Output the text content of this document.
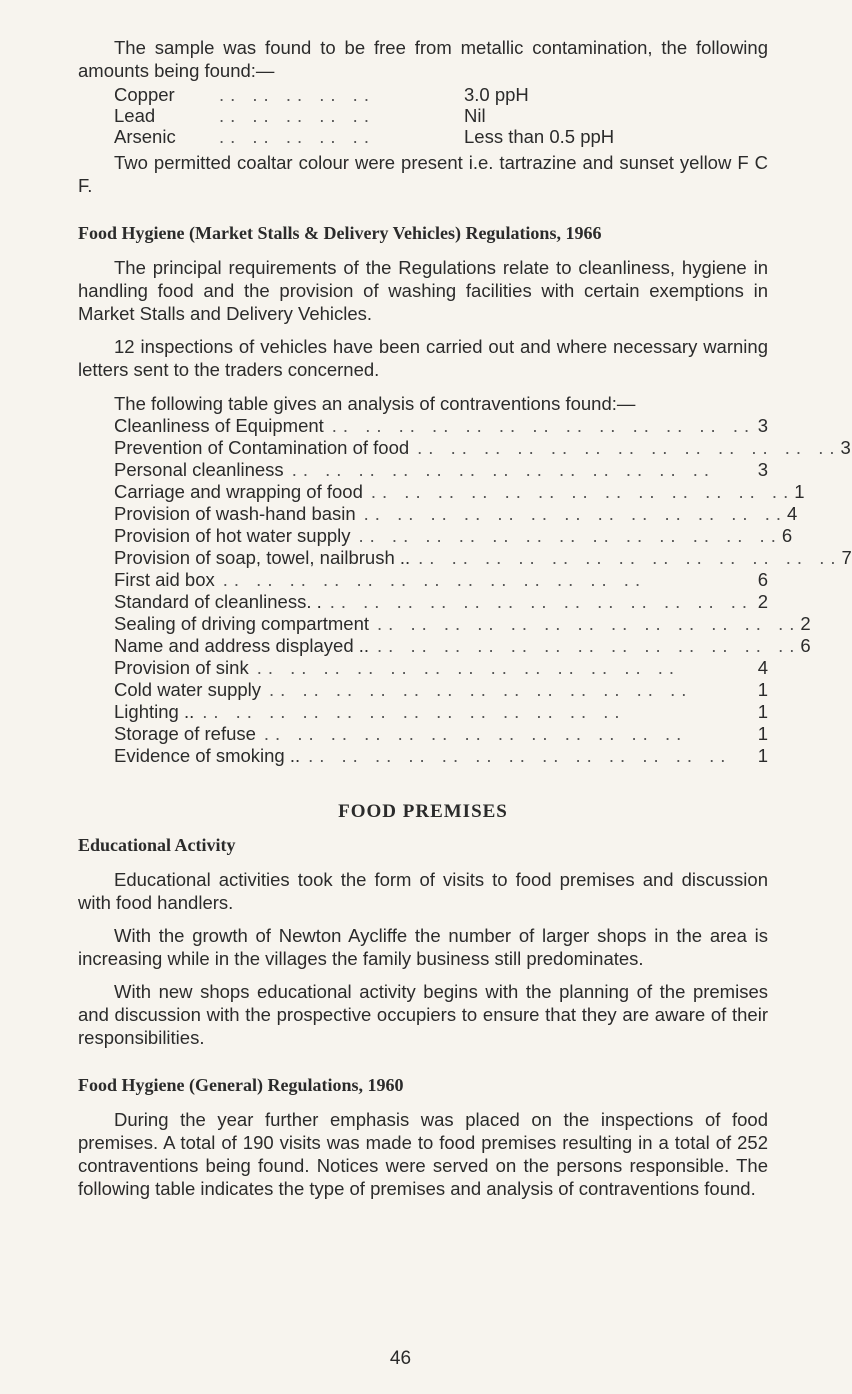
The sample was found to be free from metallic contamination, the following amounts being found:—

Copper	.. .. .. .. ..	3.0 ppH
Lead	.. .. .. .. ..	Nil
Arsenic	.. .. .. .. ..	Less than 0.5 ppH

Two permitted coaltar colour were present i.e. tartrazine and sunset yellow F C F.

Food Hygiene (Market Stalls & Delivery Vehicles) Regulations, 1966

The principal requirements of the Regulations relate to cleanliness, hygiene in handling food and the provision of washing facilities with certain exemptions in Market Stalls and Delivery Vehicles.

12 inspections of vehicles have been carried out and where necessary warning letters sent to the traders concerned.

The following table gives an analysis of contraventions found:—
Cleanliness of Equipment .. .. .. .. .. .. .. .. .. .. .. .. .. 3
Prevention of Contamination of food .. .. .. .. .. .. .. .. .. .. .. .. .. 3
Personal cleanliness .. .. .. .. .. .. .. .. .. .. .. .. ..	3
Carriage and wrapping of food .. .. .. .. .. .. .. .. .. .. .. .. .. 1
Provision of wash-hand basin .. .. .. .. .. .. .. .. .. .. .. .. .. 4
Provision of hot water supply .. .. .. .. .. .. .. .. .. .. .. .. .. 6
Provision of soap, towel, nailbrush .. .. .. .. .. .. .. .. .. .. .. .. .. .. 7
First aid box .. .. .. .. .. .. .. .. .. .. .. .. ..	6
Standard of cleanliness. . .. .. .. .. .. .. .. .. .. .. .. .. .. 2
Sealing of driving compartment .. .. .. .. .. .. .. .. .. .. .. .. .. 2
Name and address displayed .. .. .. .. .. .. .. .. .. .. .. .. .. .. 6
Provision of sink .. .. .. .. .. .. .. .. .. .. .. .. ..	4
Cold water supply .. .. .. .. .. .. .. .. .. .. .. .. ..	1
Lighting .. .. .. .. .. .. .. .. .. .. .. .. .. ..	1
Storage of refuse .. .. .. .. .. .. .. .. .. .. .. .. ..	1
Evidence of smoking .. .. .. .. .. .. .. .. .. .. .. .. .. ..	1
FOOD PREMISES
Educational Activity

Educational activities took the form of visits to food premises and discussion with food handlers.

With the growth of Newton Aycliffe the number of larger shops in the area is increasing while in the villages the family business still predominates.

With new shops educational activity begins with the planning of the premises and discussion with the prospective occupiers to ensure that they are aware of their responsibilities.

Food Hygiene (General) Regulations, 1960

During the year further emphasis was placed on the inspections of food premises. A total of 190 visits was made to food premises resulting in a total of 252 contraventions being found. Notices were served on the persons responsible. The following table indicates the type of premises and analysis of contraventions found.

46
